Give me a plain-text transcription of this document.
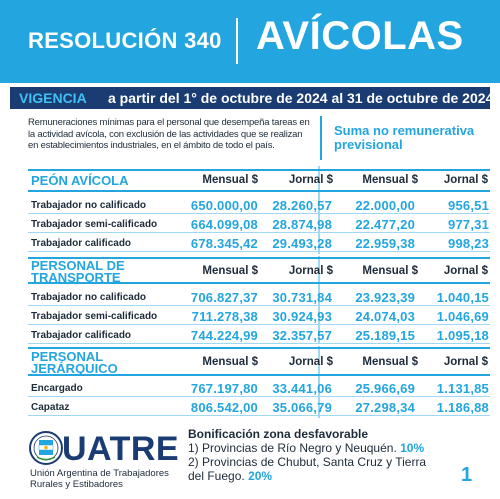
RESOLUCIÓN 340 AVÍCOLAS
VIGENCIA a partir del 1° de octubre de 2024 al 31 de octubre de 2024
Remuneraciones mínimas para el personal que desempeña tareas en la actividad avícola, con exclusión de las actividades que se realizan en establecimientos industriales, en el ámbito de todo el país.
Suma no remunerativa
previsional
PEÓN AVÍCOLA	Mensual $	Jornal $	Mensual $	Jornal $
Trabajador no calificado	650.000,00	28.260,57	22.000,00	956,51
Trabajador semi-calificado	664.099,08	28.874,98	22.477,20	977,31
Trabajador calificado	678.345,42	29.493,28	22.959,38	998,23
PERSONAL DE
TRANSPORTE	Mensual $	Jornal $	Mensual $	Jornal $
Trabajador no calificado	706.827,37	30.731,84	23.923,39	1.040,15
Trabajador semi-calificado	711.278,38	30.924,93	24.074,03	1.046,69
Trabajador calificado	744.224,99	32.357,57	25.189,15	1.095,18
PERSONAL
JERÁRQUICO	Mensual $	Jornal $	Mensual $	Jornal $
Encargado	767.197,80	33.441,06	25.966,69	1.131,85
Capataz	806.542,00	35.066,79	27.298,34	1.186,88
UATRE
Unión Argentina de Trabajadores
Rurales y Estibadores
Bonificación zona desfavorable
1) Provincias de Río Negro y Neuquén. 10%
2) Provincias de Chubut, Santa Cruz y Tierra
del Fuego. 20%	1
